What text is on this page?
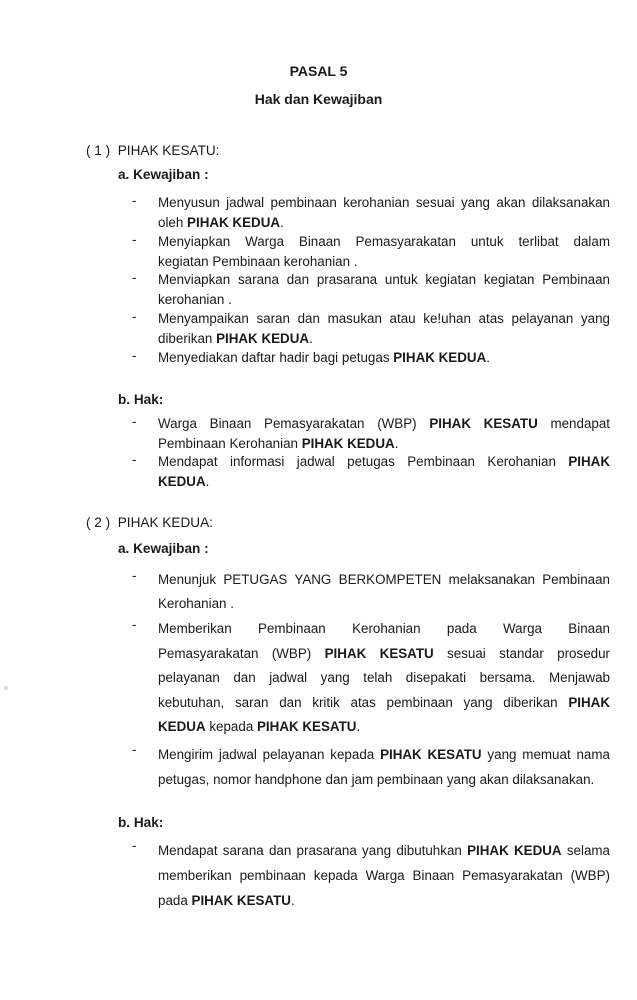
PASAL 5
Hak dan Kewajiban
( 1 ) PIHAK KESATU:
a. Kewajiban :
- Menyusun jadwal pembinaan kerohanian sesuai yang akan dilaksanakan
oleh PIHAK KEDUA.
- Menyiapkan Warga Binaan Pemasyarakatan untuk terlibat dalam
kegiatan Pembinaan kerohanian .
- Menviapkan sarana dan prasarana untuk kegiatan kegiatan Pembinaan
kerohanian .
- Menyampaikan saran dan masukan atau ke!uhan atas pelayanan yang
diberikan PIHAK KEDUA.
- Menyediakan daftar hadir bagi petugas PIHAK KEDUA.
b. Hak:
- Warga Binaan Pemasyarakatan (WBP) PIHAK KESATU mendapat
Pembinaan Kerohanian PIHAK KEDUA.
- Mendapat informasi jadwal petugas Pembinaan Kerohanian PIHAK
KEDUA.
( 2 ) PIHAK KEDUA:
a. Kewajiban :
- Menunjuk PETUGAS YANG BERKOMPETEN melaksanakan Pembinaan
Kerohanian .
- Memberikan Pembinaan Kerohanian pada Warga Binaan
Pemasyarakatan (WBP) PIHAK KESATU sesuai standar prosedur
pelayanan dan jadwal yang telah disepakati bersama. Menjawab
kebutuhan, saran dan kritik atas pembinaan yang diberikan PIHAK
KEDUA kepada PIHAK KESATU.
- Mengirim jadwal pelayanan kepada PIHAK KESATU yang memuat nama
petugas, nomor handphone dan jam pembinaan yang akan dilaksanakan.
b. Hak:
- Mendapat sarana dan prasarana yang dibutuhkan PIHAK KEDUA selama
memberikan pembinaan kepada Warga Binaan Pemasyarakatan (WBP)
pada PIHAK KESATU.
